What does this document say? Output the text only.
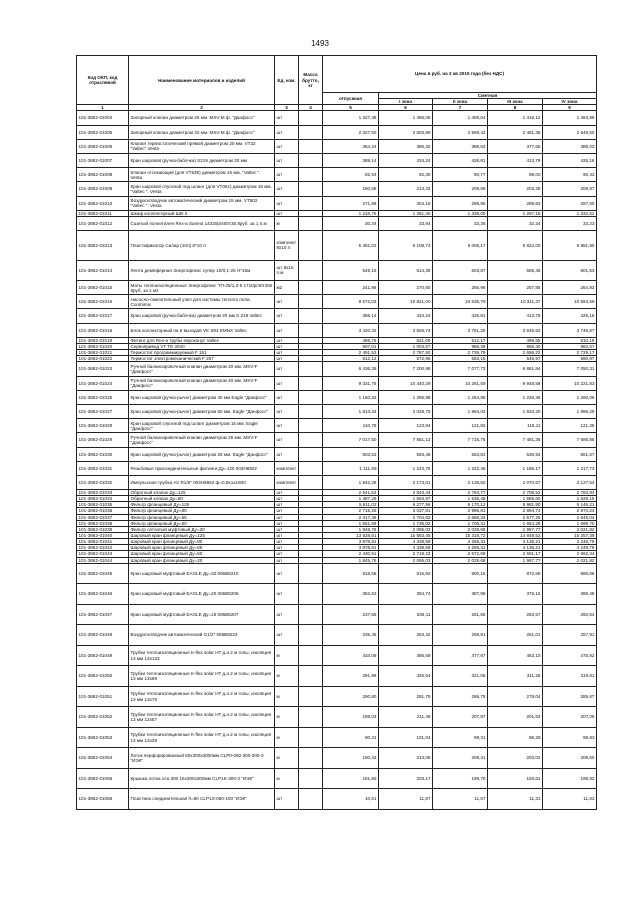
1493
Код ОКП, код отраслевой	Наименование материалов и изделий	Ед. изм.	Масса брутто, кг	Цена в руб. на 3 кв 2015 года (без НДС)				
				отпускная	Сметная			
					I зона	II зона	III зона	IV зона
1	2	3	4	5	6	7	8	9
101-3862-01004	Запорный клапан диаметром 25 мм. MSV-M ф. "Данфосс"	шт		1 327,38	1 465,06	1 459,64	1 416,12	1 453,99
101-3862-01005	Запорный клапан диаметром 32 мм. MSV-M ф. "Данфосс"	шт		2 327,50	2 603,89	2 559,42	2 481,35	2 549,50
101-3862-01006	Клапан термостатический прямой диаметром 20 мм. VT32 "Valtec" Vesta	шт		354,24	396,32	389,53	377,65	388,03
101-3862-01007	Кран шаровой (ручка-бабочка) S219 диаметром 20 мм	шт		388,14	434,24	426,81	413,79	425,16
101-3862-01008	Клапан отсекающий (для VT539) диаметром 15 мм. "Valtec ". Vesta	шт		82,54	92,35	90,77	88,00	90,42
101-3862-01009	Кран шаровой спускной под шланг (для VT051) диаметром 15 мм. "Valtec ". Vesta	шт		190,68	213,33	209,68	203,28	208,87
101-3862-01010	Воздухоотводчик автоматический диаметром 15 мм. VT502 "Valtec ". Vesta	шт		271,86	304,16	298,95	289,83	297,60
101-3862-01011	Шкаф коллекторный ШВ-3	шт		1 216,75	1 361,30	1 338,00	1 297,18	1 332,62
101-3862-01012	Сшитый полиэтилен Rex-a Sanext 14320р/400т35 8руб. за 1 п.м	м		30,34	33,94	33,36	32,34	33,23
101-3862-01013	Пластификатор Силар (10л) 8*10 л	комплект 8х10 л		5 481,02	6 109,74	6 005,17	5 822,00	5 981,90
101-3862-01014	Лента демпферная Энергофлекс супер 10/0,1-25 Н*15м	шт 8х15 п.м		549,15	614,39	603,87	585,45	601,53
101-3862-01015	Маты теплоизоляционные Энергофлекс ТП-25/1,0-5 1710р/40т265 8руб. за 1 м2	м2		241,86	270,60	265,96	257,85	264,93
101-3862-01016	Насосно-смесительный узел для системы теплого пола. Combimix	шт		9 672,03	10 821,00	10 635,79	10 311,37	10 594,58
101-3862-01017	Кран шаровой (ручка-бабочка) диаметром 20 мм S 219 Valtec	шт		388,14	434,24	426,81	413,79	425,16
101-3862-01018	Блок коллекторный на 5 выходов Vtc 594 EMNX Valtec	шт		3 420,42	3 826,74	3 761,25	3 646,52	3 746,67
101-3862-01019	Фитинг для Rex-a трубы евроконус Valtec	шт		465,76	521,09	512,17	496,55	510,19
101-3862-01020	Сервопривод VT TE 3040	шт		897,01	1 003,57	986,39	956,30	982,57
101-3862-01021	Термостат программируемый F 151	шт		2 491,53	2 787,50	2 739,79	2 656,22	2 729,17
101-3862-01022	Термостат электромеханический F 257	шт		512,12	572,95	563,15	545,97	560,97
101-3862-01023	Ручной балансировочный клапан диаметром 20 мм. MSV-F "Данфосс"	шт		6 436,39	7 200,98	7 077,73	6 861,84	7 050,31
101-3862-01024	Ручной балансировочный клапан диаметром 40 мм. MSV-F "Данфосс"	шт		9 331,75	10 440,29	10 261,59	9 948,58	10 221,83
101-3862-01025	Кран шаровой (ручка-рычаг) диаметром 40 мм Eagle "Данфосс"	шт		1 150,33	1 286,98	1 264,95	1 226,36	1 260,05
101-3862-01027	Кран шаровой (ручка-рычаг) диаметром 50 мм. Eagle "Данфосс"	шт		1 813,34	2 028,75	1 994,02	1 933,20	1 986,29
101-3862-01028	Кран шаровой спускной под шланг диаметром 15 мм. Eagle "Данфосс"	шт		110,78	123,94	121,82	118,11	121,35
101-3862-01029	Ручной балансировочный клапан диаметром 25 мм. MSV-F "Данфосс"	шт		7 017,50	7 851,13	7 716,75	7 481,36	7 686,85
101-3862-01030	Кран шаровой (ручка-рычаг) диаметром 25 мм. Eagle "Данфосс"	шт		503,53	563,46	553,81	536,92	551,67
101-3862-01031	Резьбовые присоединительные фитинги Ду=125 003Н6502	комплект		1 111,69	1 243,75	1 222,46	1 185,17	1 217,73
101-3862-01032	Импульсная трубка AV R1/8" 003Н6852 ф=0,8х1х1600	комплект		1 942,28	2 173,01	2 135,82	2 070,67	2 127,54
101-3862-01033	Обратный клапан Ду=125	шт		2 541,53	2 843,44	2 794,77	2 709,52	2 783,94
101-3862-01034	Обратный клапан Ду=80	шт		1 487,29	1 663,97	1 635,48	1 585,60	1 629,15
101-3862-01035	Фильтр фланцевый Ду=125	шт		5 611,02	6 277,56	6 170,12	5 981,90	6 146,21
101-3862-01036	Фильтр фланцевый Ду=80	шт		2 715,25	3 037,81	2 985,81	2 894,74	2 974,24
101-3862-01037	Фильтр фланцевый Ду=65	шт		2 417,46	2 704,63	2 658,34	2 577,25	2 648,04
101-3862-01038	Фильтр фланцевый Ду=50	шт		1 551,69	1 736,02	1 706,31	1 654,26	1 699,70
101-3862-01039	Фильтр сетчатый муфтовый Ду=20	шт		1 845,76	2 065,03	2 029,68	1 967,77	2 021,82
101-3862-01040	Шаровый кран фланцевый Ду=125	шт		13 928,81	15 583,45	15 316,72	14 849,52	15 257,38
101-3862-01041	Шаровый кран фланцевый Ду=80	шт		3 878,81	4 339,59	4 265,31	4 135,21	4 248,79
101-3862-01042	Шаровый кран фланцевый Ду=65	шт		3 878,81	4 339,59	4 265,31	4 135,21	4 248,79
101-3862-01043	Шаровый кран фланцевый Ду=50	шт		2 430,51	2 719,23	2 672,69	2 591,17	2 662,34
101-3862-01044	Шаровый кран фланцевый Ду=20	шт		1 845,76	2 065,03	2 029,68	1 967,77	2 021,82
101-3862-01045	Кран шаровый муфтовый EAGLE Ду=32 065В8210	шт		818,58	915,82	900,15	872,69	896,66
101-3862-01046	Кран шаровый муфтовый EAGLE Ду=20 065В8206	шт		352,63	394,74	387,99	376,15	386,48
101-3862-01047	Кран шаровый муфтовый EAGLE Ду=15 065В8207	шт		237,65	266,11	261,55	253,57	260,54
101-3862-01048	Воздухоотводчик автоматический G1/2" 065В8223	шт		235,45	263,42	258,91	251,01	257,91
101-3862-01049	Трубки теплоизоляционные K-flex solar HT д.н.2 м голы, изоляция 13 мм 13х133	м		434,09	485,69	477,67	463,10	475,82
101-3862-01050	Трубки теплоизоляционные K-flex solar HT д.н.2 м голы, изоляция 13 мм 13х89	м		291,96	326,64	321,05	311,26	319,81
101-3862-01051	Трубки теплоизоляционные K-flex solar HT д.н.2 м голы, изоляция 13 мм 13х76	м		260,80	291,76	286,78	278,04	285,67
101-3862-01052	Трубки теплоизоляционные K-flex solar HT д.н.2 м голы, изоляция 13 мм 13х57	м		189,03	211,49	207,87	201,53	207,06
101-3862-01053	Трубки теплоизоляционные K-flex solar HT д.н.2 м голы, изоляция 13 мм 13х28	м		90,31	101,04	99,31	96,28	98,93
101-3862-01054	Лоток перфорированный 60х300х3000мм CLP0-060-300-300-3 "ИЭК"	м		190,43	213,05	209,41	203,02	208,60
101-3862-01055	Крышка лотка осн.300 15х300х300мм CLP1K-300-3 "ИЭК"	м		181,60	203,17	199,70	193,61	198,92
101-3862-01056	Пластина соединительная h=60 CLP1S-060-100 "ИЭК"	шт		10,61	11,87	11,67	11,31	11,62
